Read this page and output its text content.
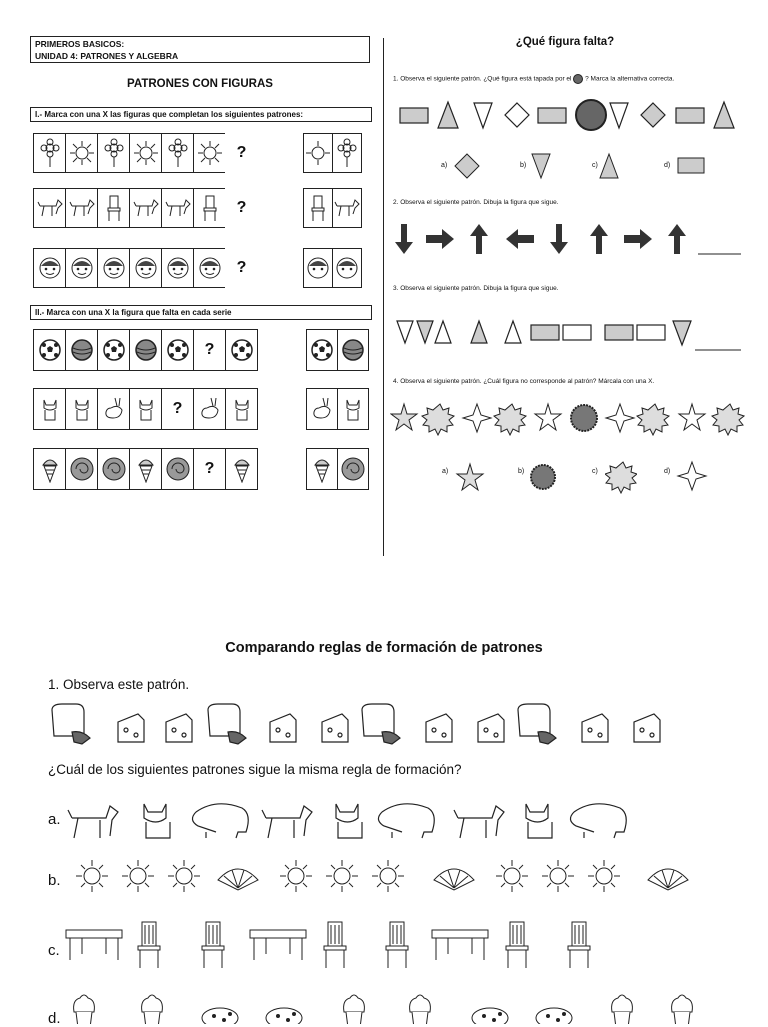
PRIMEROS BASICOS:
UNIDAD 4: PATRONES Y ALGEBRA
PATRONES CON FIGURAS
I.- Marca con una X las figuras que completan los siguientes patrones:
?
?
?
II.- Marca con una X la figura que falta en cada serie
?
?
?
¿Qué figura falta?
1. Observa el siguiente patrón. ¿Qué figura está tapada por el ? Marca la alternativa correcta.
a)	b)	c)	d)
2. Observa el siguiente patrón. Dibuja la figura que sigue.
3. Observa el siguiente patrón. Dibuja la figura que sigue.
4. Observa el siguiente patrón. ¿Cuál figura no corresponde al patrón? Márcala con una X.
a)	b)	c)	d)
Comparando reglas de formación de patrones
1. Observa este patrón.
¿Cuál de los siguientes patrones sigue la misma regla de formación?
a.
b.
c.
d.
